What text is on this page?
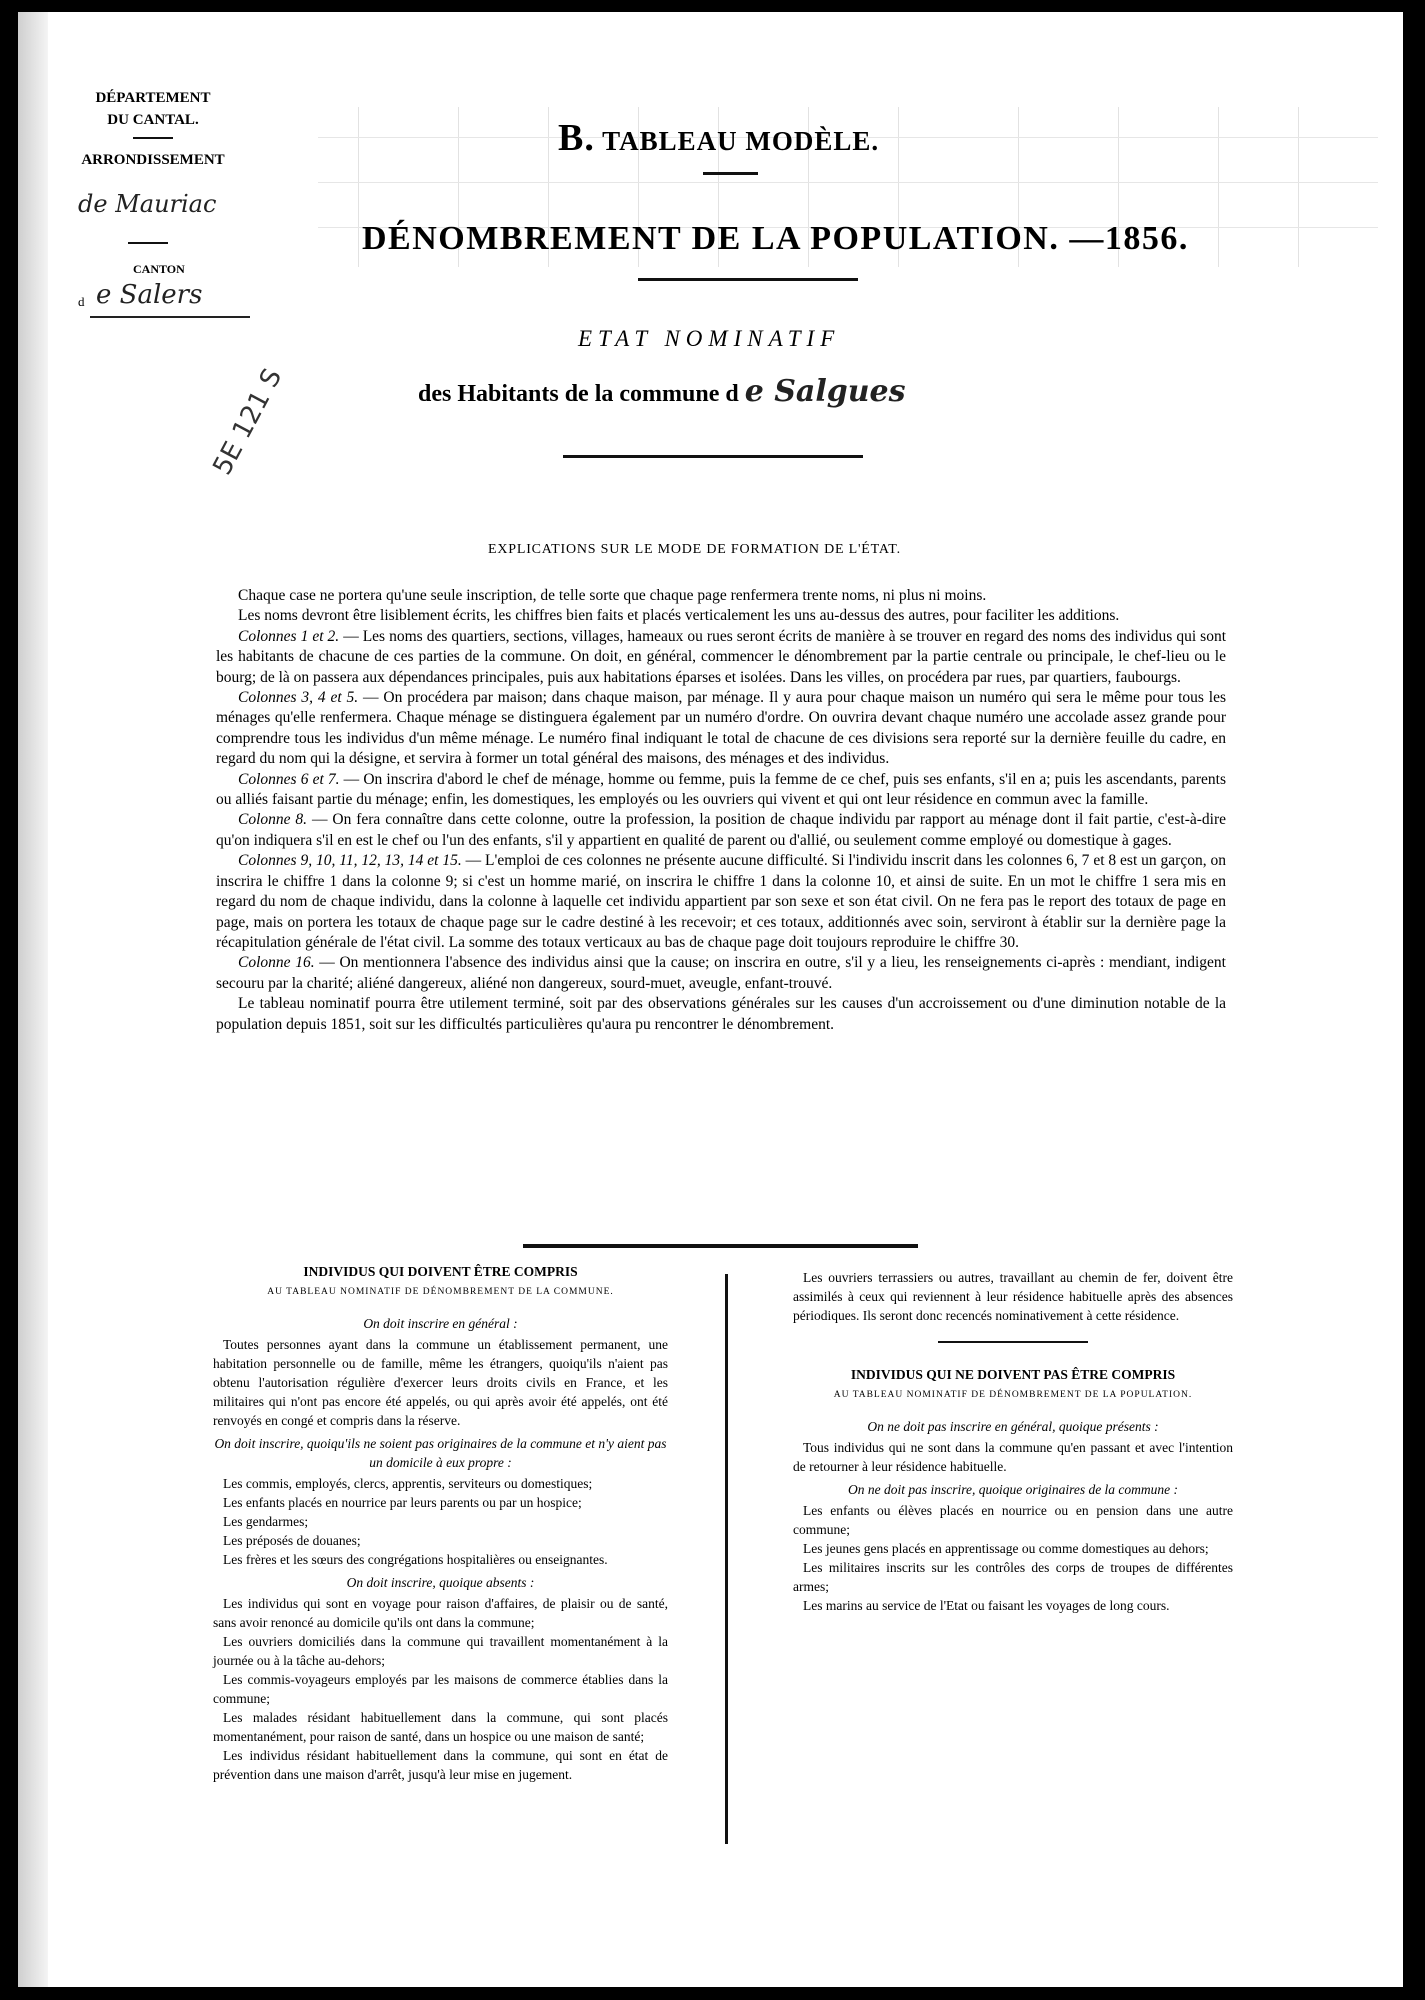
DÉPARTEMENT
DU CANTAL.
ARRONDISSEMENT
de Mauriac
CANTON
d e Salers
5E 121 S
B. TABLEAU MODÈLE.
DÉNOMBREMENT DE LA POPULATION. —1856.
ETAT NOMINATIF
des Habitants de la commune d e Salgues
EXPLICATIONS SUR LE MODE DE FORMATION DE L'ÉTAT.

Chaque case ne portera qu'une seule inscription, de telle sorte que chaque page renfermera trente noms, ni plus ni moins.

Les noms devront être lisiblement écrits, les chiffres bien faits et placés verticalement les uns au-dessus des autres, pour faciliter les additions.

Colonnes 1 et 2. — Les noms des quartiers, sections, villages, hameaux ou rues seront écrits de manière à se trouver en regard des noms des individus qui sont les habitants de chacune de ces parties de la commune. On doit, en général, commencer le dénombrement par la partie centrale ou principale, le chef-lieu ou le bourg; de là on passera aux dépendances principales, puis aux habitations éparses et isolées. Dans les villes, on procédera par rues, par quartiers, faubourgs.

Colonnes 3, 4 et 5. — On procédera par maison; dans chaque maison, par ménage. Il y aura pour chaque maison un numéro qui sera le même pour tous les ménages qu'elle renfermera. Chaque ménage se distinguera également par un numéro d'ordre. On ouvrira devant chaque numéro une accolade assez grande pour comprendre tous les individus d'un même ménage. Le numéro final indiquant le total de chacune de ces divisions sera reporté sur la dernière feuille du cadre, en regard du nom qui la désigne, et servira à former un total général des maisons, des ménages et des individus.

Colonnes 6 et 7. — On inscrira d'abord le chef de ménage, homme ou femme, puis la femme de ce chef, puis ses enfants, s'il en a; puis les ascendants, parents ou alliés faisant partie du ménage; enfin, les domestiques, les employés ou les ouvriers qui vivent et qui ont leur résidence en commun avec la famille.

Colonne 8. — On fera connaître dans cette colonne, outre la profession, la position de chaque individu par rapport au ménage dont il fait partie, c'est-à-dire qu'on indiquera s'il en est le chef ou l'un des enfants, s'il y appartient en qualité de parent ou d'allié, ou seulement comme employé ou domestique à gages.

Colonnes 9, 10, 11, 12, 13, 14 et 15. — L'emploi de ces colonnes ne présente aucune difficulté. Si l'individu inscrit dans les colonnes 6, 7 et 8 est un garçon, on inscrira le chiffre 1 dans la colonne 9; si c'est un homme marié, on inscrira le chiffre 1 dans la colonne 10, et ainsi de suite. En un mot le chiffre 1 sera mis en regard du nom de chaque individu, dans la colonne à laquelle cet individu appartient par son sexe et son état civil. On ne fera pas le report des totaux de page en page, mais on portera les totaux de chaque page sur le cadre destiné à les recevoir; et ces totaux, additionnés avec soin, serviront à établir sur la dernière page la récapitulation générale de l'état civil. La somme des totaux verticaux au bas de chaque page doit toujours reproduire le chiffre 30.

Colonne 16. — On mentionnera l'absence des individus ainsi que la cause; on inscrira en outre, s'il y a lieu, les renseignements ci-après : mendiant, indigent secouru par la charité; aliéné dangereux, aliéné non dangereux, sourd-muet, aveugle, enfant-trouvé.

Le tableau nominatif pourra être utilement terminé, soit par des observations générales sur les causes d'un accroissement ou d'une diminution notable de la population depuis 1851, soit sur les difficultés particulières qu'aura pu rencontrer le dénombrement.

INDIVIDUS QUI DOIVENT ÊTRE COMPRIS

AU TABLEAU NOMINATIF DE DÉNOMBREMENT DE LA COMMUNE.

On doit inscrire en général :

Toutes personnes ayant dans la commune un établissement permanent, une habitation personnelle ou de famille, même les étrangers, quoiqu'ils n'aient pas obtenu l'autorisation régulière d'exercer leurs droits civils en France, et les militaires qui n'ont pas encore été appelés, ou qui après avoir été appelés, ont été renvoyés en congé et compris dans la réserve.

On doit inscrire, quoiqu'ils ne soient pas originaires de la commune et n'y aient pas un domicile à eux propre :

Les commis, employés, clercs, apprentis, serviteurs ou domestiques;

Les enfants placés en nourrice par leurs parents ou par un hospice;

Les gendarmes;

Les préposés de douanes;

Les frères et les sœurs des congrégations hospitalières ou enseignantes.

On doit inscrire, quoique absents :

Les individus qui sont en voyage pour raison d'affaires, de plaisir ou de santé, sans avoir renoncé au domicile qu'ils ont dans la commune;

Les ouvriers domiciliés dans la commune qui travaillent momentanément à la journée ou à la tâche au-dehors;

Les commis-voyageurs employés par les maisons de commerce établies dans la commune;

Les malades résidant habituellement dans la commune, qui sont placés momentanément, pour raison de santé, dans un hospice ou une maison de santé;

Les individus résidant habituellement dans la commune, qui sont en état de prévention dans une maison d'arrêt, jusqu'à leur mise en jugement.

Les ouvriers terrassiers ou autres, travaillant au chemin de fer, doivent être assimilés à ceux qui reviennent à leur résidence habituelle après des absences périodiques. Ils seront donc recencés nominativement à cette résidence.

INDIVIDUS QUI NE DOIVENT PAS ÊTRE COMPRIS

AU TABLEAU NOMINATIF DE DÉNOMBREMENT DE LA POPULATION.

On ne doit pas inscrire en général, quoique présents :

Tous individus qui ne sont dans la commune qu'en passant et avec l'intention de retourner à leur résidence habituelle.

On ne doit pas inscrire, quoique originaires de la commune :

Les enfants ou élèves placés en nourrice ou en pension dans une autre commune;

Les jeunes gens placés en apprentissage ou comme domestiques au dehors;

Les militaires inscrits sur les contrôles des corps de troupes de différentes armes;

Les marins au service de l'Etat ou faisant les voyages de long cours.
